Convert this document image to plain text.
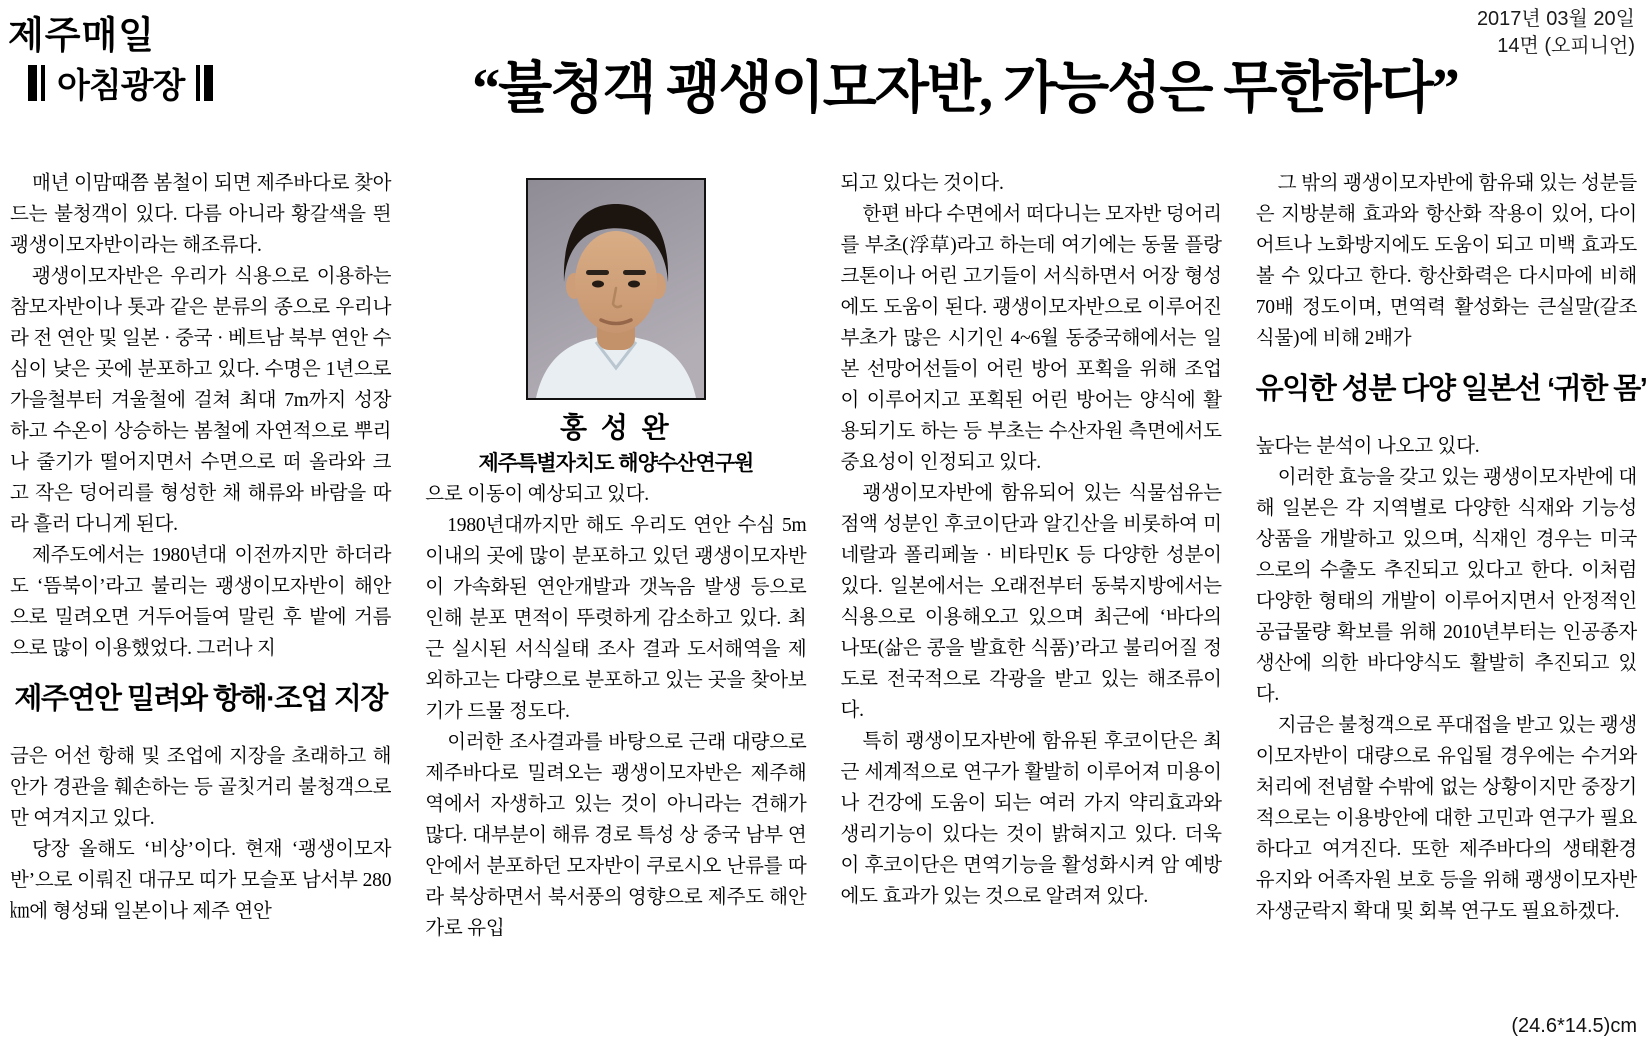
제주매일	2017년 03월 20일
14면 (오피니언)
아침광장	“불청객 괭생이모자반, 가능성은 무한하다”

매년 이맘때쯤 봄철이 되면 제주바다로 찾아드는 불청객이 있다. 다름 아니라 황갈색을 띈 괭생이모자반이라는 해조류다.

괭생이모자반은 우리가 식용으로 이용하는 참모자반이나 톳과 같은 분류의 종으로 우리나라 전 연안 및 일본 · 중국 · 베트남 북부 연안 수심이 낮은 곳에 분포하고 있다. 수명은 1년으로 가을철부터 겨울철에 걸쳐 최대 7m까지 성장하고 수온이 상승하는 봄철에 자연적으로 뿌리나 줄기가 떨어지면서 수면으로 떠 올라와 크고 작은 덩어리를 형성한 채 해류와 바람을 따라 흘러 다니게 된다.

제주도에서는 1980년대 이전까지만 하더라도 ‘뜸북이’라고 불리는 괭생이모자반이 해안으로 밀려오면 거두어들여 말린 후 밭에 거름으로 많이 이용했었다. 그러나 지

제주연안 밀려와 항해·조업 지장

금은 어선 항해 및 조업에 지장을 초래하고 해안가 경관을 훼손하는 등 골칫거리 불청객으로만 여겨지고 있다.

당장 올해도 ‘비상’이다. 현재 ‘괭생이모자반’으로 이뤄진 대규모 띠가 모슬포 남서부 280㎞에 형성돼 일본이나 제주 연안

홍 성 완
제주특별자치도 해양수산연구원

으로 이동이 예상되고 있다.

1980년대까지만 해도 우리도 연안 수심 5m이내의 곳에 많이 분포하고 있던 괭생이모자반이 가속화된 연안개발과 갯녹음 발생 등으로 인해 분포 면적이 뚜렷하게 감소하고 있다. 최근 실시된 서식실태 조사 결과 도서해역을 제외하고는 다량으로 분포하고 있는 곳을 찾아보기가 드물 정도다.

이러한 조사결과를 바탕으로 근래 대량으로 제주바다로 밀려오는 괭생이모자반은 제주해역에서 자생하고 있는 것이 아니라는 견해가 많다. 대부분이 해류 경로 특성 상 중국 남부 연안에서 분포하던 모자반이 쿠로시오 난류를 따라 북상하면서 북서풍의 영향으로 제주도 해안가로 유입

되고 있다는 것이다.

한편 바다 수면에서 떠다니는 모자반 덩어리를 부초(浮草)라고 하는데 여기에는 동물 플랑크톤이나 어린 고기들이 서식하면서 어장 형성에도 도움이 된다. 괭생이모자반으로 이루어진 부초가 많은 시기인 4~6월 동중국해에서는 일본 선망어선들이 어린 방어 포획을 위해 조업이 이루어지고 포획된 어린 방어는 양식에 활용되기도 하는 등 부초는 수산자원 측면에서도 중요성이 인정되고 있다.

괭생이모자반에 함유되어 있는 식물섬유는 점액 성분인 후코이단과 알긴산을 비롯하여 미네랄과 폴리페놀 · 비타민K 등 다양한 성분이 있다. 일본에서는 오래전부터 동북지방에서는 식용으로 이용해오고 있으며 최근에 ‘바다의 나또(삶은 콩을 발효한 식품)’라고 불리어질 정도로 전국적으로 각광을 받고 있는 해조류이다.

특히 괭생이모자반에 함유된 후코이단은 최근 세계적으로 연구가 활발히 이루어져 미용이나 건강에 도움이 되는 여러 가지 약리효과와 생리기능이 있다는 것이 밝혀지고 있다. 더욱이 후코이단은 면역기능을 활성화시켜 암 예방에도 효과가 있는 것으로 알려져 있다.

그 밖의 괭생이모자반에 함유돼 있는 성분들은 지방분해 효과와 항산화 작용이 있어, 다이어트나 노화방지에도 도움이 되고 미백 효과도 볼 수 있다고 한다. 항산화력은 다시마에 비해 70배 정도이며, 면역력 활성화는 큰실말(갈조식물)에 비해 2배가

유익한 성분 다양 일본선 ‘귀한 몸’

높다는 분석이 나오고 있다.

이러한 효능을 갖고 있는 괭생이모자반에 대해 일본은 각 지역별로 다양한 식재와 기능성 상품을 개발하고 있으며, 식재인 경우는 미국으로의 수출도 추진되고 있다고 한다. 이처럼 다양한 형태의 개발이 이루어지면서 안정적인 공급물량 확보를 위해 2010년부터는 인공종자 생산에 의한 바다양식도 활발히 추진되고 있다.

지금은 불청객으로 푸대접을 받고 있는 괭생이모자반이 대량으로 유입될 경우에는 수거와 처리에 전념할 수밖에 없는 상황이지만 중장기적으로는 이용방안에 대한 고민과 연구가 필요하다고 여겨진다. 또한 제주바다의 생태환경 유지와 어족자원 보호 등을 위해 괭생이모자반 자생군락지 확대 및 회복 연구도 필요하겠다.

(24.6*14.5)cm
